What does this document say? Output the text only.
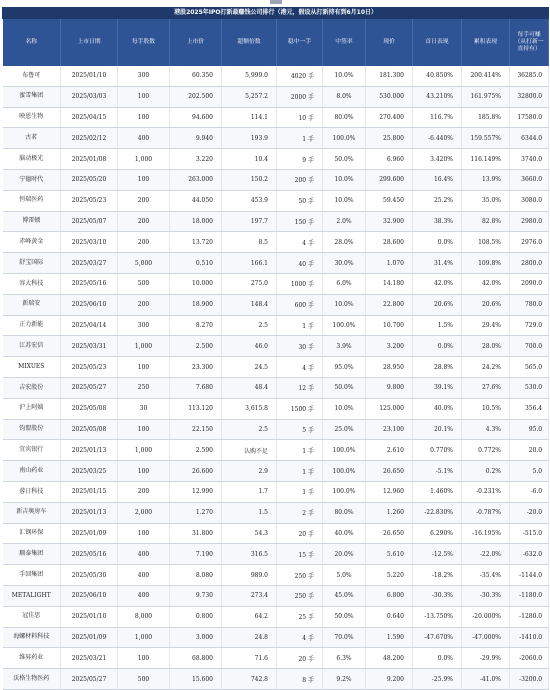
港股2025年IPO打新最赚钱公司排行（港元，假设从打新持有到6月10日）										
名称	上市日期	每手股数	上市价	超额倍数	稳中一手	中签率	现价	首日表现	累积表现	每手可赚（从打新一直持有）
布鲁可	2025/01/10	300	60.350	5,999.0	4020 手	10.0%	181.300	40.850%	200.414%	36285.0
蜜雪集团	2025/03/03	100	202.500	5,257.2	2000 手	8.0%	530.000	43.210%	161.975%	32800.0
映恩生物	2025/04/15	100	94.600	114.1	10 手	80.0%	270.400	116.7%	185.8%	17580.0
古茗	2025/02/12	400	9.940	193.9	1 手	100.0%	25.800	-6.440%	159.557%	6344.0
脑动极光	2025/01/08	1,000	3.220	10.4	9 手	50.0%	6.960	3.420%	116.149%	3740.0
宁德时代	2025/05/20	100	263.000	150.2	200 手	10.0%	299.600	16.4%	13.9%	3660.0
恒瑞医药	2025/05/23	200	44.050	453.9	50 手	10.0%	59.450	25.2%	35.0%	3080.0
博雷顿	2025/05/07	200	18.000	197.7	150 手	2.0%	32.900	38.3%	82.8%	2980.0
赤峰黄金	2025/03/10	200	13.720	8.5	4 手	28.0%	28.600	0.0%	108.5%	2976.0
舒宝国际	2025/03/27	5,000	0.510	166.1	40 手	30.0%	1.070	31.4%	109.8%	2800.0
容大科技	2025/05/16	500	10.000	275.0	1000 手	6.0%	14.180	42.0%	42.0%	2090.0
新瑞安	2025/06/10	200	18.900	148.4	600 手	10.0%	22.800	20.6%	20.6%	780.0
正力新能	2025/04/14	300	8.270	2.5	1 手	100.0%	10.700	1.5%	29.4%	729.0
江苏宏信	2025/03/31	1,000	2.500	46.0	30 手	3.9%	3.200	0.0%	28.0%	700.0
MIXUES	2025/05/23	100	23.300	24.5	4 手	95.0%	28.950	28.8%	24.2%	565.0
吉宏股份	2025/05/27	250	7.680	48.4	12 手	50.0%	9.800	39.1%	27.6%	530.0
沪上阿姨	2025/05/08	30	113.120	3,615.8	1500 手	10.0%	125.000	40.0%	10.5%	356.4
钧盟股份	2025/05/08	100	22.150	2.5	5 手	25.0%	23.100	20.1%	4.3%	95.0
宜宾银行	2025/01/13	1,000	2.590	认购不足	1 手	100.0%	2.610	0.770%	0.772%	20.0
南山药业	2025/03/25	100	26.600	2.9	1 手	100.0%	26.650	-5.1%	0.2%	5.0
蓉日科技	2025/01/15	200	12.990	1.7	1 手	100.0%	12.960	1.460%	-0.231%	-6.0
新吉奥房车	2025/01/13	2,000	1.270	1.5	2 手	80.0%	1.260	-22.830%	-0.787%	-20.0
汇钢环保	2025/01/09	100	31.800	54.3	20 手	40.0%	26.650	6.290%	-16.195%	-515.0
顺泰集团	2025/05/16	400	7.190	316.5	15 手	20.0%	5.610	-12.5%	-22.0%	-632.0
手回集团	2025/05/30	400	8.080	989.0	250 手	5.0%	5.220	-18.2%	-35.4%	-1144.0
METALIGHT	2025/06/10	400	9.730	273.4	250 手	45.0%	6.800	-30.3%	-30.3%	-1180.0
冠佳思	2025/01/10	8,000	0.800	64.2	25 手	50.0%	0.640	-13.750%	-20.000%	-1280.0
海螺材料科技	2025/01/09	1,000	3.000	24.8	4 手	70.0%	1.590	-47.670%	-47.000%	-1410.0
维昇药业	2025/03/21	100	68.800	71.6	20 手	6.3%	48.200	0.0%	-29.9%	-2060.0
沃格生物医药	2025/05/27	500	15.600	742.8	8 手	9.2%	9.200	-25.9%	-41.0%	-3200.0
